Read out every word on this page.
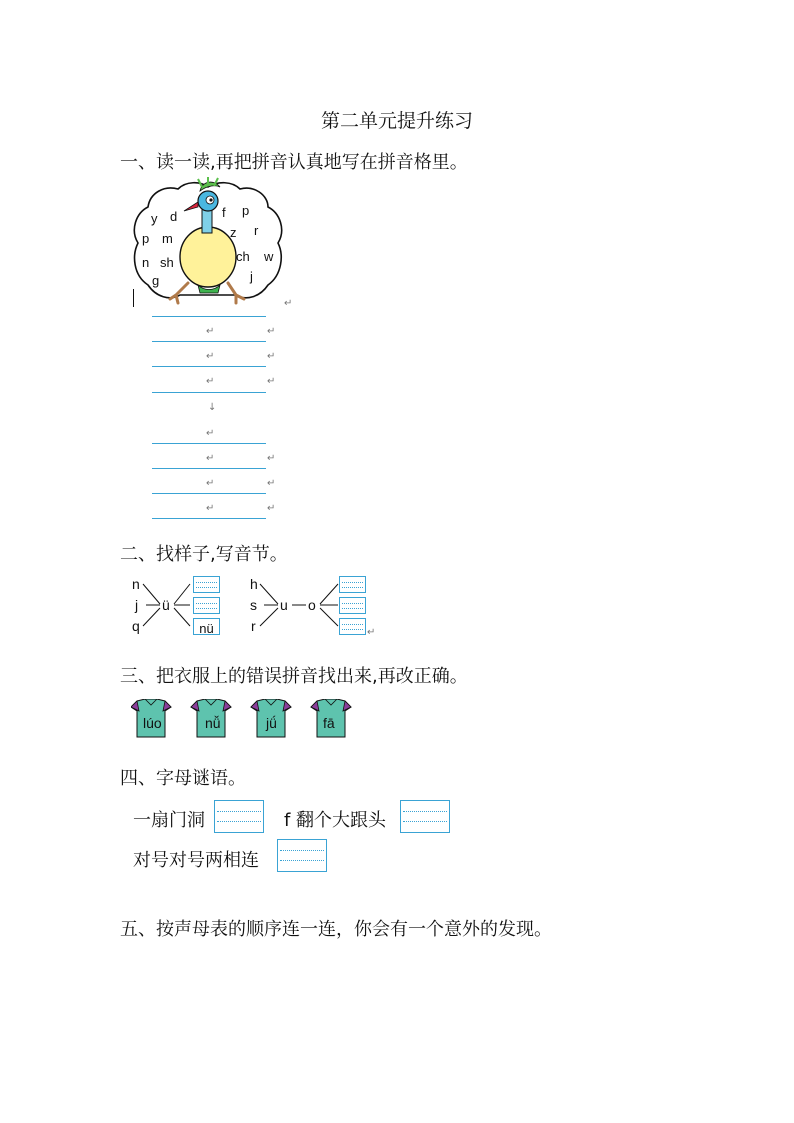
第二单元提升练习
一、读一读,再把拼音认真地写在拼音格里。
y d	f p
z r
p m
n sh	ch w
g	j
↵
↵	↵
↵	↵
↵	↵
↓
↵
↵	↵
↵	↵
↵	↵
二、找样子,写音节。
n
j
q
ü
nü
h
s
r
u o
↵
三、把衣服上的错误拼音找出来,再改正确。
lúo	nǚ	jǘ	fā
四、字母谜语。
一扇门洞	f 翻个大跟头
对号对号两相连
五、按声母表的顺序连一连，你会有一个意外的发现。
